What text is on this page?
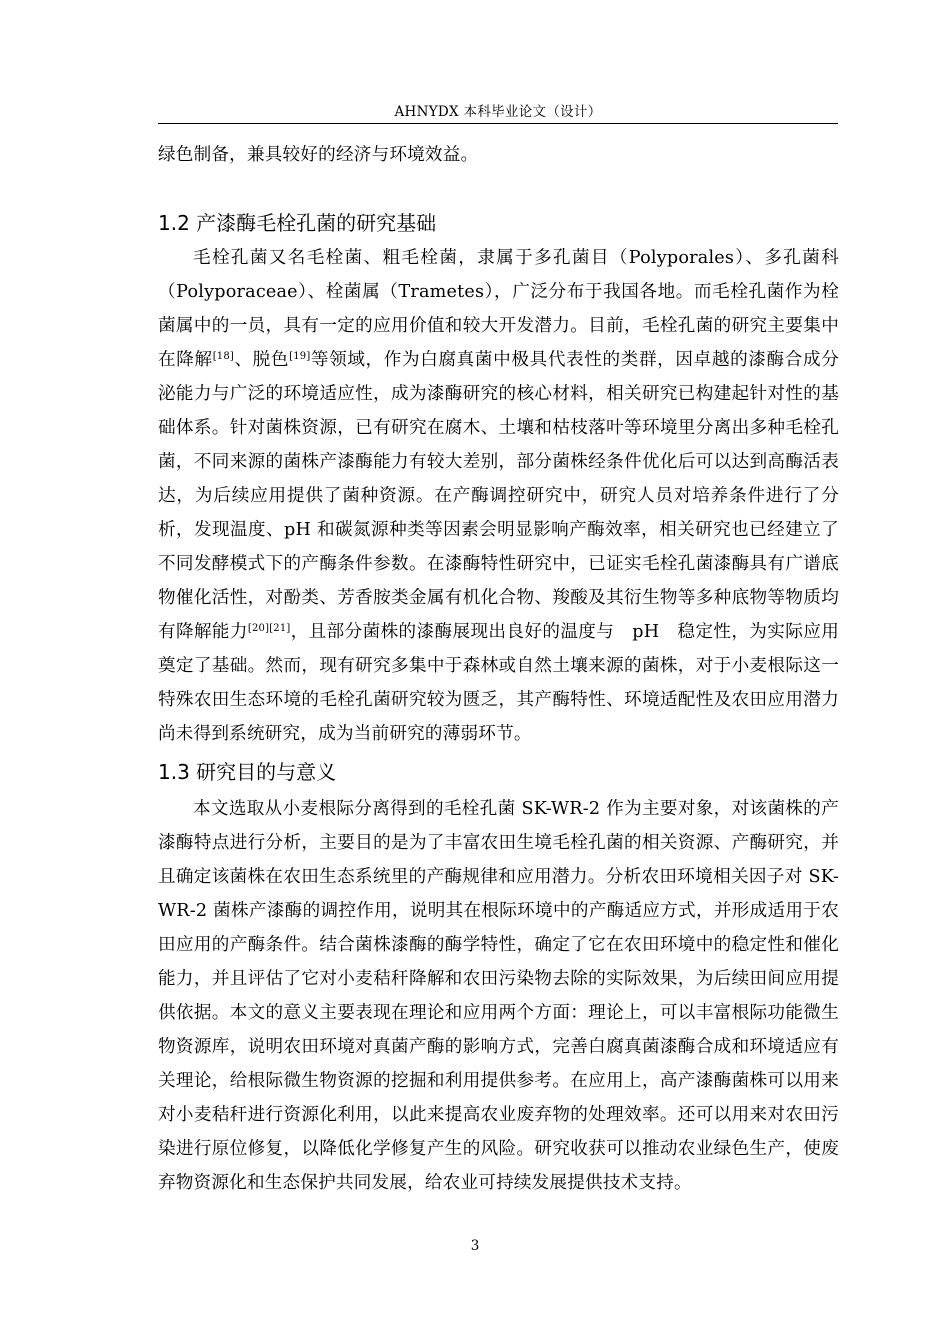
AHNYDX 本科毕业论文（设计）

绿色制备，兼具较好的经济与环境效益。

1.2 产漆酶毛栓孔菌的研究基础

毛栓孔菌又名毛栓菌、粗毛栓菌，隶属于多孔菌目（Polyporales）、多孔菌科（Polyporaceae）、栓菌属（Trametes），广泛分布于我国各地。而毛栓孔菌作为栓菌属中的一员，具有一定的应用价值和较大开发潜力。目前，毛栓孔菌的研究主要集中在降解[18]、脱色[19]等领域，作为白腐真菌中极具代表性的类群，因卓越的漆酶合成分泌能力与广泛的环境适应性，成为漆酶研究的核心材料，相关研究已构建起针对性的基础体系。针对菌株资源，已有研究在腐木、土壤和枯枝落叶等环境里分离出多种毛栓孔菌，不同来源的菌株产漆酶能力有较大差别，部分菌株经条件优化后可以达到高酶活表达，为后续应用提供了菌种资源。在产酶调控研究中，研究人员对培养条件进行了分析，发现温度、pH 和碳氮源种类等因素会明显影响产酶效率，相关研究也已经建立了不同发酵模式下的产酶条件参数。在漆酶特性研究中，已证实毛栓孔菌漆酶具有广谱底物催化活性，对酚类、芳香胺类金属有机化合物、羧酸及其衍生物等多种底物等物质均有降解能力[20][21]，且部分菌株的漆酶展现出良好的温度与　pH　稳定性，为实际应用奠定了基础。然而，现有研究多集中于森林或自然土壤来源的菌株，对于小麦根际这一特殊农田生态环境的毛栓孔菌研究较为匮乏，其产酶特性、环境适配性及农田应用潜力尚未得到系统研究，成为当前研究的薄弱环节。

1.3 研究目的与意义

本文选取从小麦根际分离得到的毛栓孔菌 SK-WR-2 作为主要对象，对该菌株的产漆酶特点进行分析，主要目的是为了丰富农田生境毛栓孔菌的相关资源、产酶研究，并且确定该菌株在农田生态系统里的产酶规律和应用潜力。分析农田环境相关因子对 SK-WR-2 菌株产漆酶的调控作用，说明其在根际环境中的产酶适应方式，并形成适用于农田应用的产酶条件。结合菌株漆酶的酶学特性，确定了它在农田环境中的稳定性和催化能力，并且评估了它对小麦秸秆降解和农田污染物去除的实际效果，为后续田间应用提供依据。本文的意义主要表现在理论和应用两个方面：理论上，可以丰富根际功能微生物资源库，说明农田环境对真菌产酶的影响方式，完善白腐真菌漆酶合成和环境适应有关理论，给根际微生物资源的挖掘和利用提供参考。在应用上，高产漆酶菌株可以用来对小麦秸秆进行资源化利用，以此来提高农业废弃物的处理效率。还可以用来对农田污染进行原位修复，以降低化学修复产生的风险。研究收获可以推动农业绿色生产，使废弃物资源化和生态保护共同发展，给农业可持续发展提供技术支持。

3
